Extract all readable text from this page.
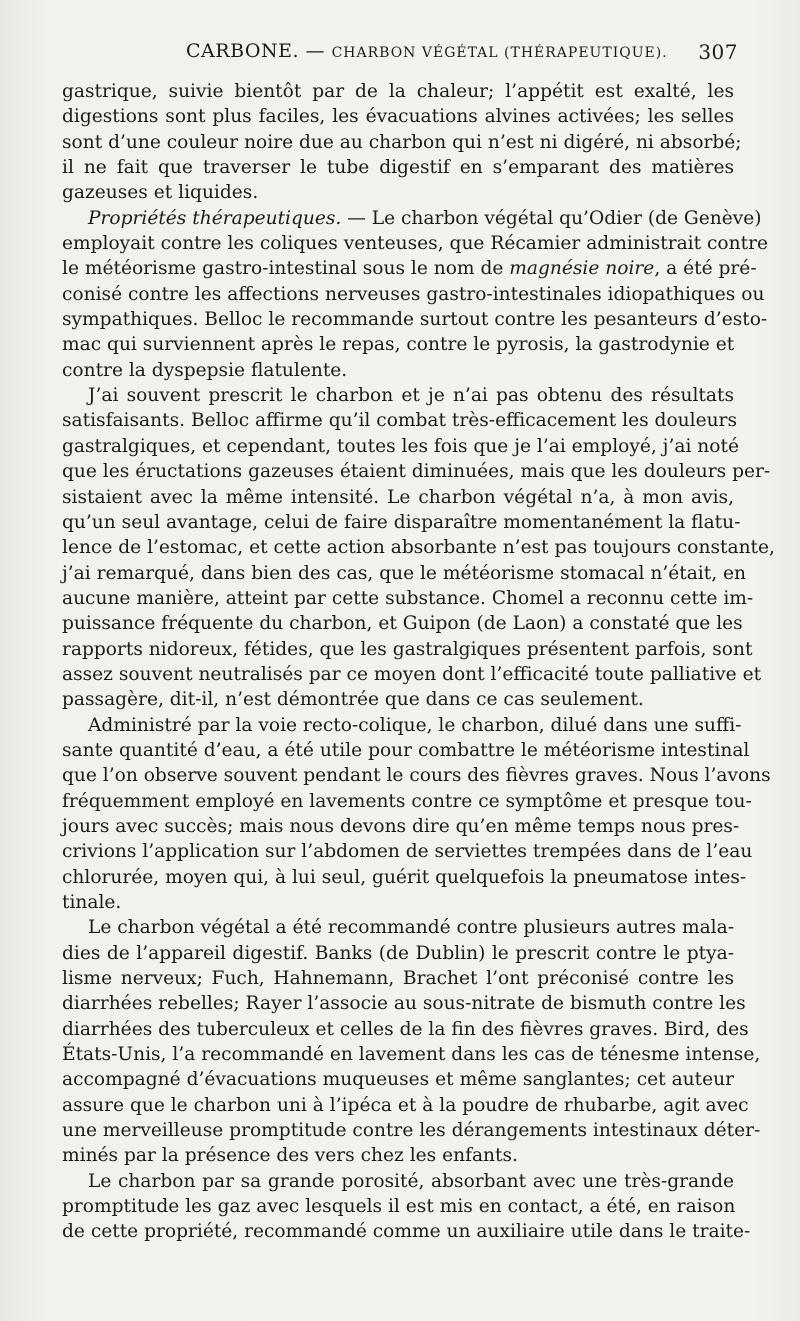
CARBONE. — CHARBON VÉGÉTAL (THÉRAPEUTIQUE). 307

gastrique, suivie bientôt par de la chaleur; l’appétit est exalté, les
digestions sont plus faciles, les évacuations alvines activées; les selles
sont d’une couleur noire due au charbon qui n’est ni digéré, ni absorbé;
il ne fait que traverser le tube digestif en s’emparant des matières
gazeuses et liquides.

Propriétés thérapeutiques. — Le charbon végétal qu’Odier (de Genève)
employait contre les coliques venteuses, que Récamier administrait contre
le météorisme gastro-intestinal sous le nom de magnésie noire, a été pré-
conisé contre les affections nerveuses gastro-intestinales idiopathiques ou
sympathiques. Belloc le recommande surtout contre les pesanteurs d’esto-
mac qui surviennent après le repas, contre le pyrosis, la gastrodynie et
contre la dyspepsie flatulente.

J’ai souvent prescrit le charbon et je n’ai pas obtenu des résultats
satisfaisants. Belloc affirme qu’il combat très-efficacement les douleurs
gastralgiques, et cependant, toutes les fois que je l’ai employé, j’ai noté
que les éructations gazeuses étaient diminuées, mais que les douleurs per-
sistaient avec la même intensité. Le charbon végétal n’a, à mon avis,
qu’un seul avantage, celui de faire disparaître momentanément la flatu-
lence de l’estomac, et cette action absorbante n’est pas toujours constante,
j’ai remarqué, dans bien des cas, que le météorisme stomacal n’était, en
aucune manière, atteint par cette substance. Chomel a reconnu cette im-
puissance fréquente du charbon, et Guipon (de Laon) a constaté que les
rapports nidoreux, fétides, que les gastralgiques présentent parfois, sont
assez souvent neutralisés par ce moyen dont l’efficacité toute palliative et
passagère, dit-il, n’est démontrée que dans ce cas seulement.

Administré par la voie recto-colique, le charbon, dilué dans une suffi-
sante quantité d’eau, a été utile pour combattre le météorisme intestinal
que l’on observe souvent pendant le cours des fièvres graves. Nous l’avons
fréquemment employé en lavements contre ce symptôme et presque tou-
jours avec succès; mais nous devons dire qu’en même temps nous pres-
crivions l’application sur l’abdomen de serviettes trempées dans de l’eau
chlorurée, moyen qui, à lui seul, guérit quelquefois la pneumatose intes-
tinale.

Le charbon végétal a été recommandé contre plusieurs autres mala-
dies de l’appareil digestif. Banks (de Dublin) le prescrit contre le ptya-
lisme nerveux; Fuch, Hahnemann, Brachet l’ont préconisé contre les
diarrhées rebelles; Rayer l’associe au sous-nitrate de bismuth contre les
diarrhées des tuberculeux et celles de la fin des fièvres graves. Bird, des
États-Unis, l’a recommandé en lavement dans les cas de ténesme intense,
accompagné d’évacuations muqueuses et même sanglantes; cet auteur
assure que le charbon uni à l’ipéca et à la poudre de rhubarbe, agit avec
une merveilleuse promptitude contre les dérangements intestinaux déter-
minés par la présence des vers chez les enfants.

Le charbon par sa grande porosité, absorbant avec une très-grande
promptitude les gaz avec lesquels il est mis en contact, a été, en raison
de cette propriété, recommandé comme un auxiliaire utile dans le traite-
